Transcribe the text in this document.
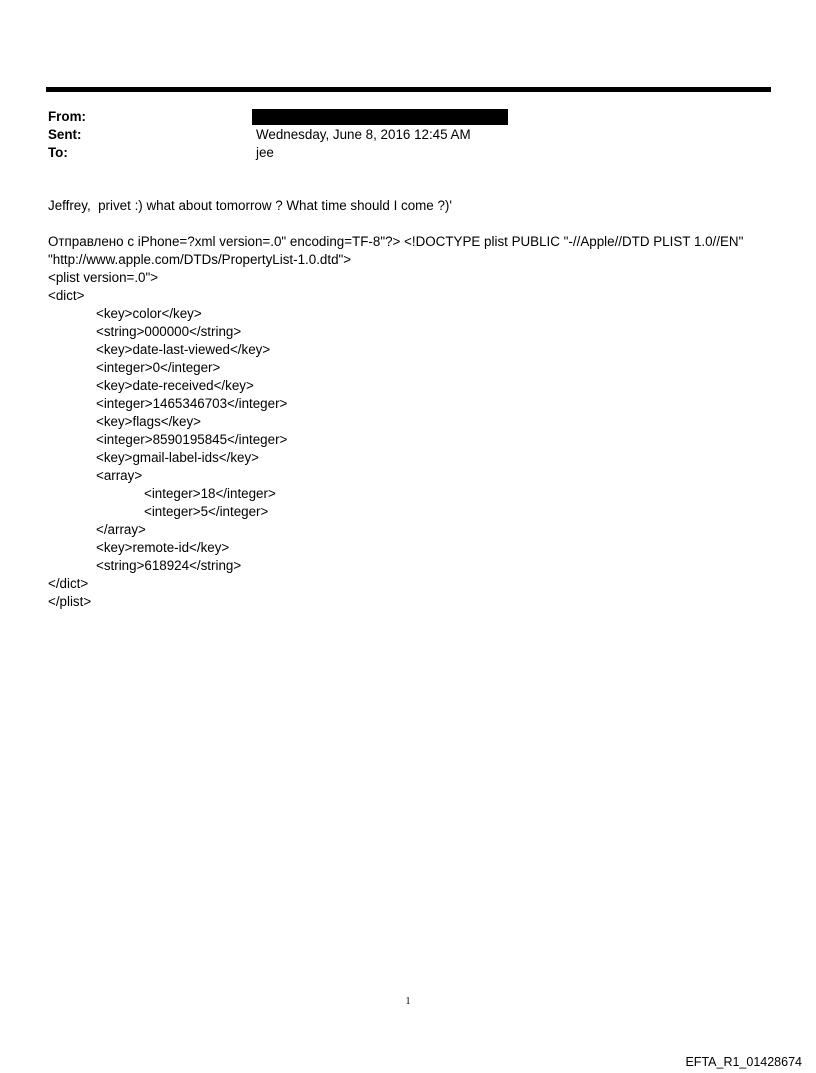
From:
Sent:	Wednesday, June 8, 2016 12:45 AM
To:	jee
Jeffrey,  privet :) what about tomorrow ? What time should I come ?)'
Отправлено с iPhone=?xml version=.0" encoding=TF-8"?> <!DOCTYPE plist PUBLIC "-//Apple//DTD PLIST 1.0//EN"
"http://www.apple.com/DTDs/PropertyList-1.0.dtd">
<plist version=.0">
<dict>
<key>color</key>
<string>000000</string>
<key>date-last-viewed</key>
<integer>0</integer>
<key>date-received</key>
<integer>1465346703</integer>
<key>flags</key>
<integer>8590195845</integer>
<key>gmail-label-ids</key>
<array>
<integer>18</integer>
<integer>5</integer>
</array>
<key>remote-id</key>
<string>618924</string>
</dict>
</plist>
1
EFTA_R1_01428674
